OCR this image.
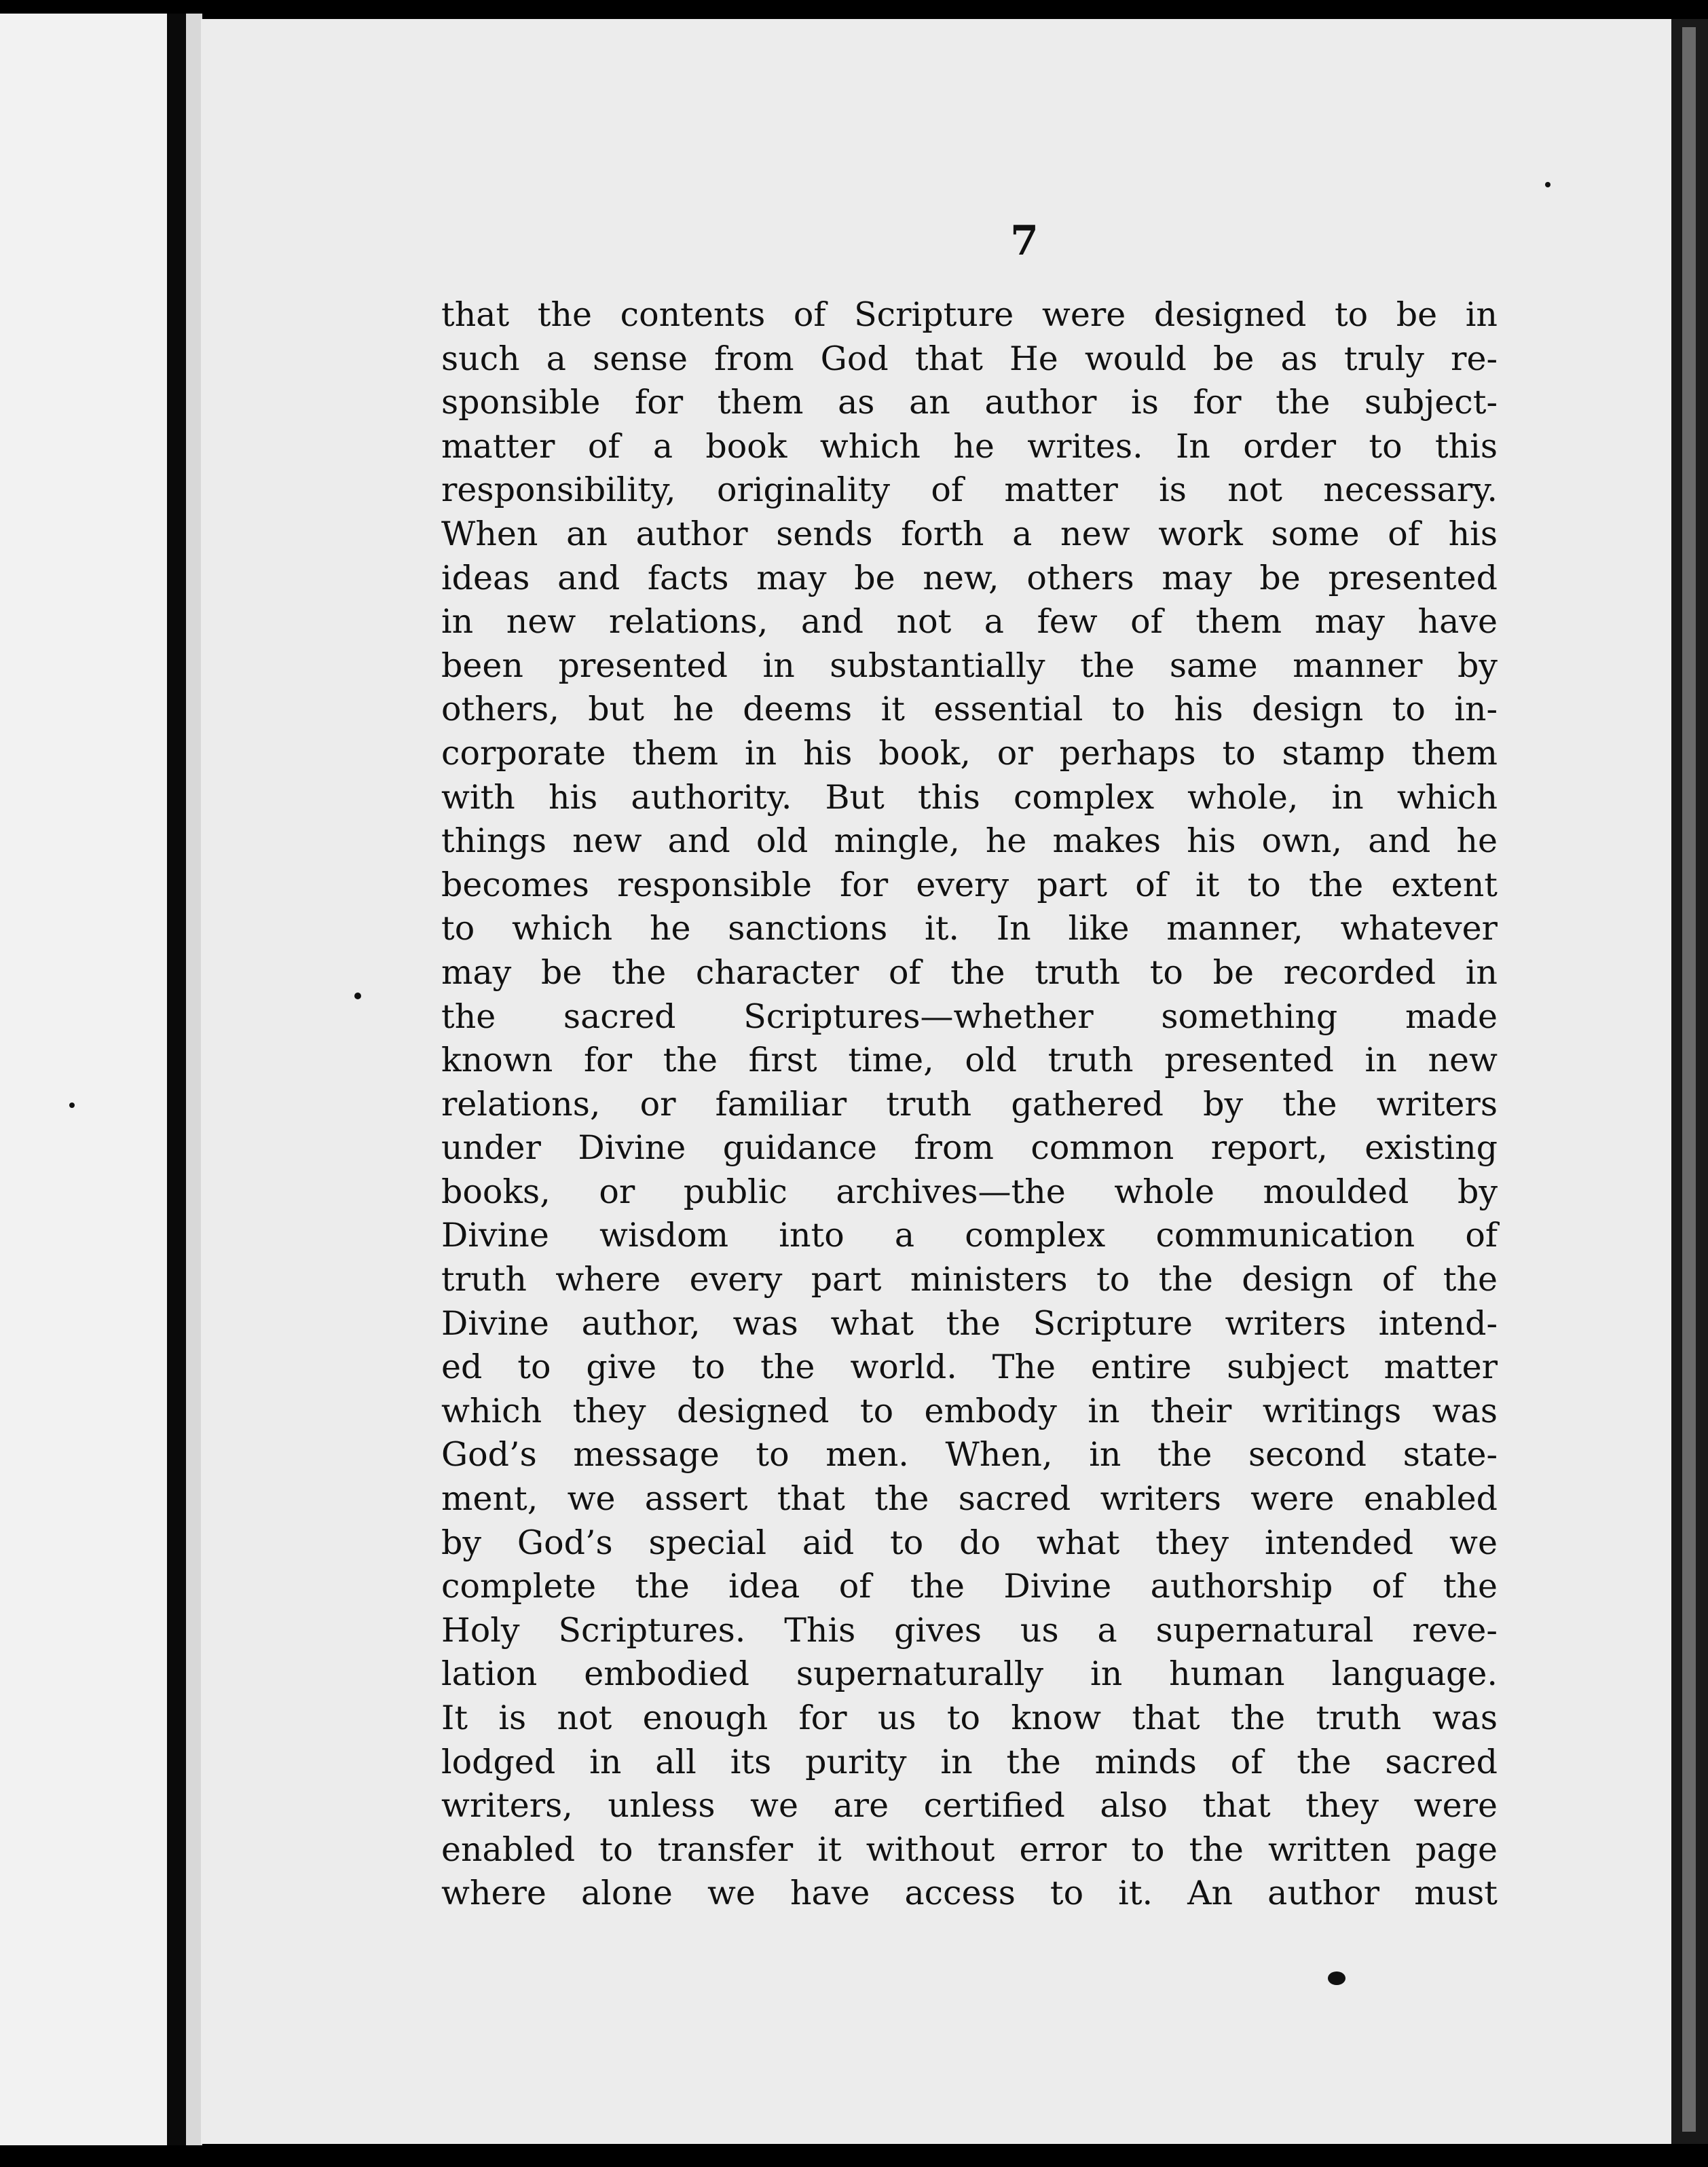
7
that the contents of Scripture were designed to be in
such a sense from God that He would be as truly re-
sponsible for them as an author is for the subject-
matter of a book which he writes. In order to this
responsibility, originality of matter is not necessary.
When an author sends forth a new work some of his
ideas and facts may be new, others may be presented
in new relations, and not a few of them may have
been presented in substantially the same manner by
others, but he deems it essential to his design to in-
corporate them in his book, or perhaps to stamp them
with his authority. But this complex whole, in which
things new and old mingle, he makes his own, and he
becomes responsible for every part of it to the extent
to which he sanctions it. In like manner, whatever
may be the character of the truth to be recorded in
the sacred Scriptures—whether something made
known for the first time, old truth presented in new
relations, or familiar truth gathered by the writers
under Divine guidance from common report, existing
books, or public archives—the whole moulded by
Divine wisdom into a complex communication of
truth where every part ministers to the design of the
Divine author, was what the Scripture writers intend-
ed to give to the world. The entire subject matter
which they designed to embody in their writings was
God’s message to men. When, in the second state-
ment, we assert that the sacred writers were enabled
by God’s special aid to do what they intended we
complete the idea of the Divine authorship of the
Holy Scriptures. This gives us a supernatural reve-
lation embodied supernaturally in human language.
It is not enough for us to know that the truth was
lodged in all its purity in the minds of the sacred
writers, unless we are certified also that they were
enabled to transfer it without error to the written page
where alone we have access to it. An author must
